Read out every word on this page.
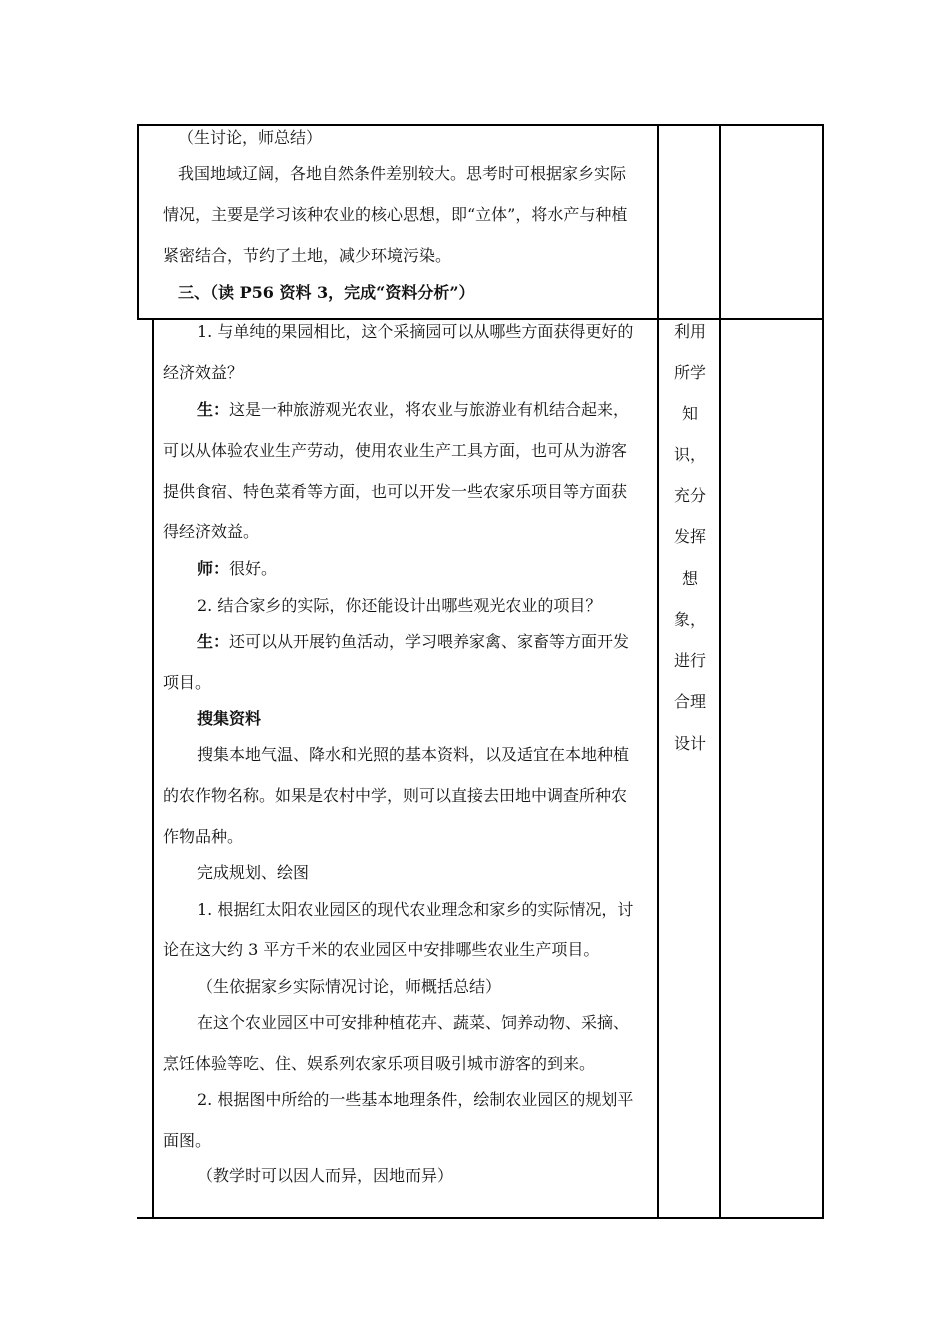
（生讨论，师总结）
我国地域辽阔，各地自然条件差别较大。思考时可根据家乡实际
情况，主要是学习该种农业的核心思想，即“立体”，将水产与种植
紧密结合，节约了土地，减少环境污染。
三、（读 P56 资料 3，完成“资料分析”）
1. 与单纯的果园相比，这个采摘园可以从哪些方面获得更好的
经济效益？
生：这是一种旅游观光农业，将农业与旅游业有机结合起来，
可以从体验农业生产劳动，使用农业生产工具方面，也可从为游客
提供食宿、特色菜肴等方面，也可以开发一些农家乐项目等方面获
得经济效益。
师：很好。
2. 结合家乡的实际，你还能设计出哪些观光农业的项目？
生：还可以从开展钓鱼活动，学习喂养家禽、家畜等方面开发
项目。
搜集资料
搜集本地气温、降水和光照的基本资料，以及适宜在本地种植
的农作物名称。如果是农村中学，则可以直接去田地中调查所种农
作物品种。
完成规划、绘图
1. 根据红太阳农业园区的现代农业理念和家乡的实际情况，讨
论在这大约 3 平方千米的农业园区中安排哪些农业生产项目。
（生依据家乡实际情况讨论，师概括总结）
在这个农业园区中可安排种植花卉、蔬菜、饲养动物、采摘、
烹饪体验等吃、住、娱系列农家乐项目吸引城市游客的到来。
2. 根据图中所给的一些基本地理条件，绘制农业园区的规划平
面图。
（教学时可以因人而异，因地而异）
利用
所学
知
识，
充分
发挥
想
象，
进行
合理
设计
